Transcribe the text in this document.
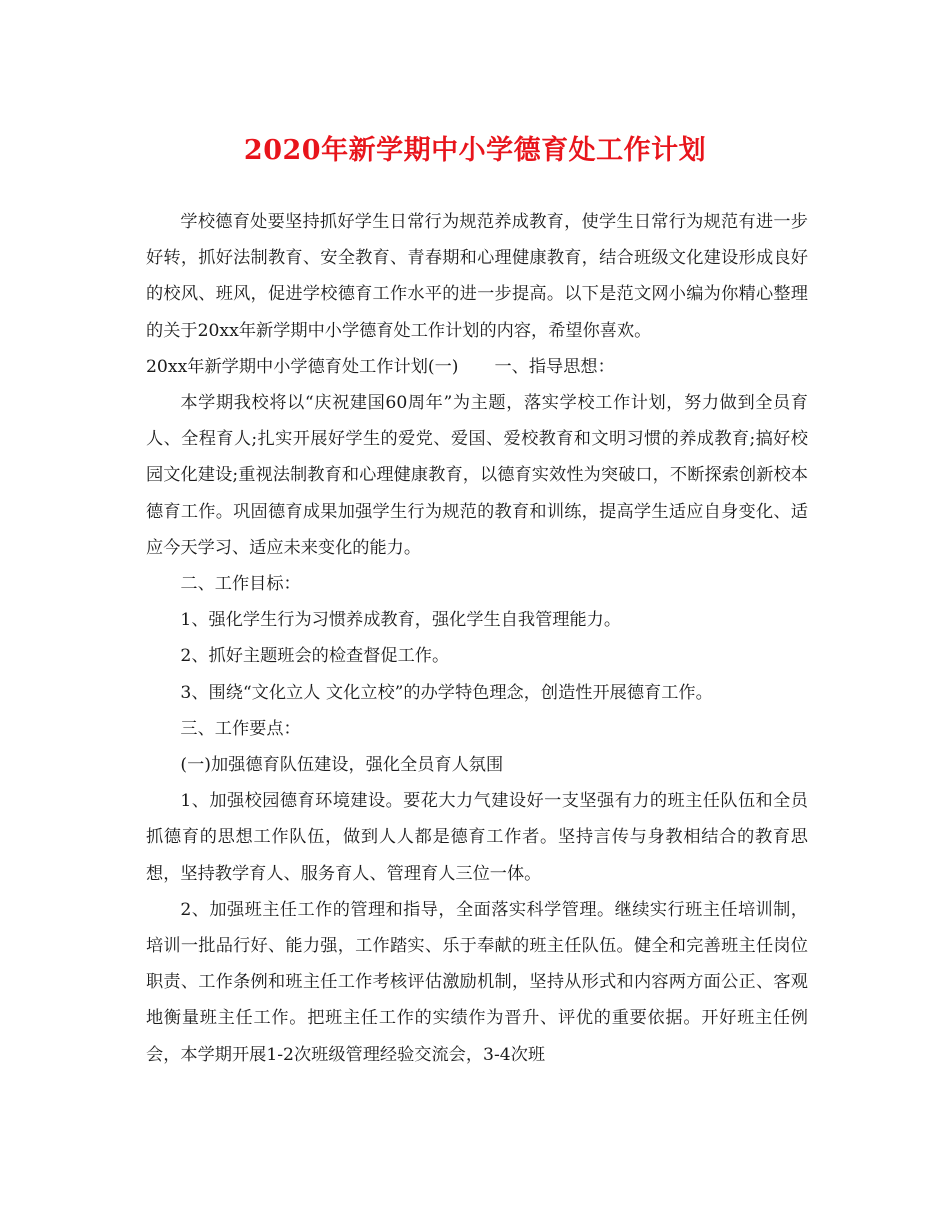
2020年新学期中小学德育处工作计划

学校德育处要坚持抓好学生日常行为规范养成教育，使学生日常行为规范有进一步好转，抓好法制教育、安全教育、青春期和心理健康教育，结合班级文化建设形成良好的校风、班风，促进学校德育工作水平的进一步提高。以下是范文网小编为你精心整理的关于20xx年新学期中小学德育处工作计划的内容，希望你喜欢。

20xx年新学期中小学德育处工作计划(一) 一、指导思想：

本学期我校将以“庆祝建国60周年”为主题，落实学校工作计划，努力做到全员育人、全程育人;扎实开展好学生的爱党、爱国、爱校教育和文明习惯的养成教育;搞好校园文化建设;重视法制教育和心理健康教育，以德育实效性为突破口，不断探索创新校本德育工作。巩固德育成果加强学生行为规范的教育和训练，提高学生适应自身变化、适应今天学习、适应未来变化的能力。

二、工作目标：

1、强化学生行为习惯养成教育，强化学生自我管理能力。

2、抓好主题班会的检查督促工作。

3、围绕“文化立人 文化立校”的办学特色理念，创造性开展德育工作。

三、工作要点：

(一)加强德育队伍建设，强化全员育人氛围

1、加强校园德育环境建设。要花大力气建设好一支坚强有力的班主任队伍和全员抓德育的思想工作队伍，做到人人都是德育工作者。坚持言传与身教相结合的教育思想，坚持教学育人、服务育人、管理育人三位一体。

2、加强班主任工作的管理和指导，全面落实科学管理。继续实行班主任培训制，培训一批品行好、能力强，工作踏实、乐于奉献的班主任队伍。健全和完善班主任岗位职责、工作条例和班主任工作考核评估激励机制，坚持从形式和内容两方面公正、客观地衡量班主任工作。把班主任工作的实绩作为晋升、评优的重要依据。开好班主任例会，本学期开展1-2次班级管理经验交流会，3-4次班
